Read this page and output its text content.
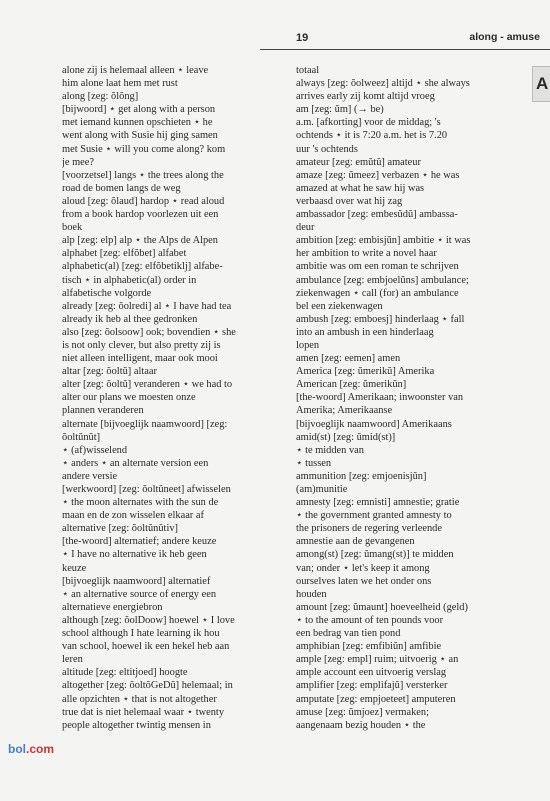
19	along - amuse
A
alone zij is helemaal alleen ⋆ leave
him alone laat hem met rust
along [zeg: ŏlŏng]
[bijwoord] ⋆ get along with a person
met iemand kunnen opschieten ⋆ he
went along with Susie hij ging samen
met Susie ⋆ will you come along? kom
je mee?
[voorzetsel] langs ⋆ the trees along the
road de bomen langs de weg
aloud [zeg: ŏlaud] hardop ⋆ read aloud
from a book hardop voorlezen uit een
boek
alp [zeg: elp] alp ⋆ the Alps de Alpen
alphabet [zeg: elfŏbet] alfabet
alphabetic(al) [zeg: elfŏbetiklj] alfabe-
tisch ⋆ in alphabetic(al) order in
alfabetische volgorde
already [zeg: ŏolredi] al ⋆ I have had tea
already ik heb al thee gedronken
also [zeg: ŏolsoow] ook; bovendien ⋆ she
is not only clever, but also pretty zij is
niet alleen intelligent, maar ook mooi
altar [zeg: ŏoltŭ] altaar
alter [zeg: ŏoltŭ] veranderen ⋆ we had to
alter our plans we moesten onze
plannen veranderen
alternate [bijvoeglijk naamwoord] [zeg:
ŏoltŭnŭt]
⋆ (af)wisselend
⋆ anders ⋆ an alternate version een
andere versie
[werkwoord] [zeg: ŏoltŭneet] afwisselen
⋆ the moon alternates with the sun de
maan en de zon wisselen elkaar af
alternative [zeg: ŏoltŭnŭtiv]
[the-woord] alternatief; andere keuze
⋆ I have no alternative ik heb geen
keuze
[bijvoeglijk naamwoord] alternatief
⋆ an alternative source of energy een
alternatieve energiebron
although [zeg: ŏolDoow] hoewel ⋆ I love
school although I hate learning ik hou
van school, hoewel ik een hekel heb aan
leren
altitude [zeg: eltitjoed] hoogte
altogether [zeg: ŏoltŏGeDŭ] helemaal; in
alle opzichten ⋆ that is not altogether
true dat is niet helemaal waar ⋆ twenty
people altogether twintig mensen in
totaal
always [zeg: ŏolweez] altijd ⋆ she always
arrives early zij komt altijd vroeg
am [zeg: ŭm] (→ be)
a.m. [afkorting] voor de middag; 's
ochtends ⋆ it is 7:20 a.m. het is 7.20
uur 's ochtends
amateur [zeg: emŭtŭ] amateur
amaze [zeg: ŭmeez] verbazen ⋆ he was
amazed at what he saw hij was
verbaasd over wat hij zag
ambassador [zeg: embesŭdŭ] ambassa-
deur
ambition [zeg: embisjŭn] ambitie ⋆ it was
her ambition to write a novel haar
ambitie was om een roman te schrijven
ambulance [zeg: embjoelŭns] ambulance;
ziekenwagen ⋆ call (for) an ambulance
bel een ziekenwagen
ambush [zeg: emboesj] hinderlaag ⋆ fall
into an ambush in een hinderlaag
lopen
amen [zeg: eemen] amen
America [zeg: ŭmerikŭ] Amerika
American [zeg: ŭmerikŭn]
[the-woord] Amerikaan; inwoonster van
Amerika; Amerikaanse
[bijvoeglijk naamwoord] Amerikaans
amid(st) [zeg: ŭmid(st)]
⋆ te midden van
⋆ tussen
ammunition [zeg: emjoenisjŭn]
(am)munitie
amnesty [zeg: emnisti] amnestie; gratie
⋆ the government granted amnesty to
the prisoners de regering verleende
amnestie aan de gevangenen
among(st) [zeg: ŭmang(st)] te midden
van; onder ⋆ let's keep it among
ourselves laten we het onder ons
houden
amount [zeg: ŭmaunt] hoeveelheid (geld)
⋆ to the amount of ten pounds voor
een bedrag van tien pond
amphibian [zeg: emfibiŭn] amfibie
ample [zeg: empl] ruim; uitvoerig ⋆ an
ample account een uitvoerig verslag
amplifier [zeg: emplifajŭ] versterker
amputate [zeg: empjoeteet] amputeren
amuse [zeg: ŭmjoez] vermaken;
aangenaam bezig houden ⋆ the
bol.com
